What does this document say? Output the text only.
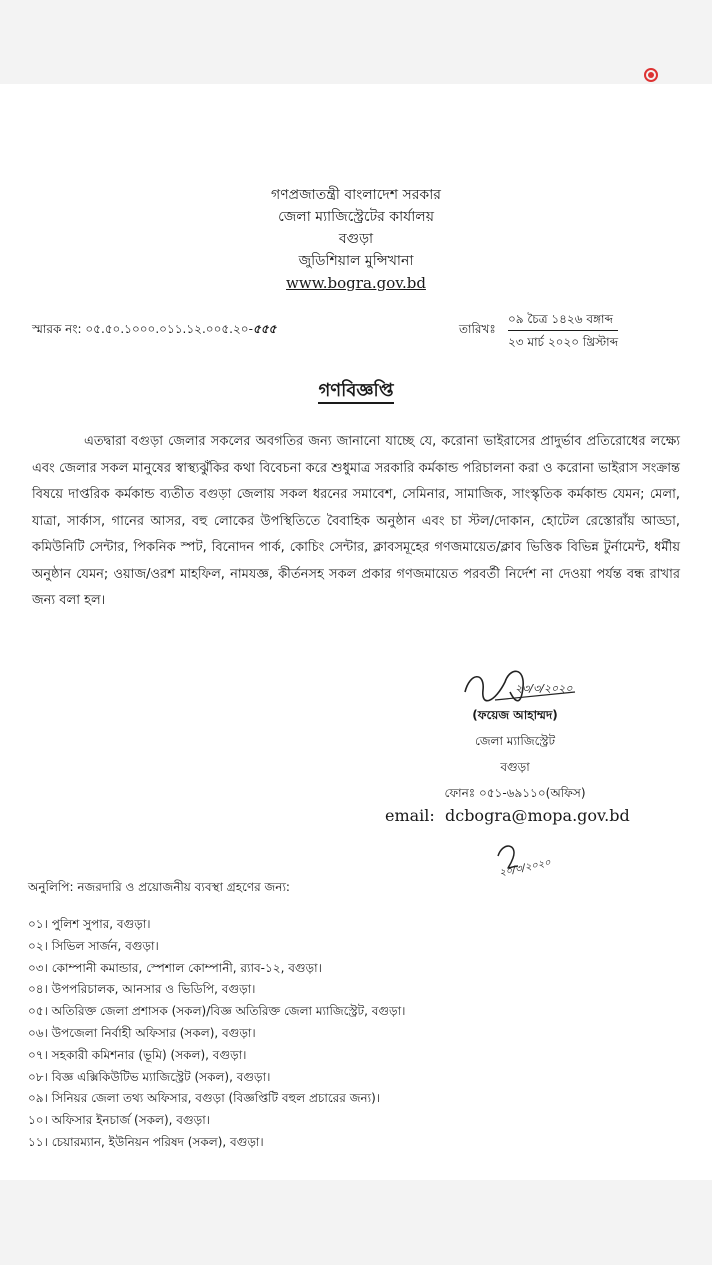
গণপ্রজাতন্ত্রী বাংলাদেশ সরকার
জেলা ম্যাজিস্ট্রেটের কার্যালয়
বগুড়া
জুডিশিয়াল মুন্সিখানা
www.bogra.gov.bd
স্মারক নং: ০৫.৫০.১০০০.০১১.১২.০০৫.২০-৫৫৫	তারিখঃ
০৯ চৈত্র ১৪২৬ বঙ্গাব্দ
২৩ মার্চ ২০২০ খ্রিস্টাব্দ
গণবিজ্ঞপ্তি
এতদ্বারা বগুড়া জেলার সকলের অবগতির জন্য জানানো যাচ্ছে যে, করোনা ভাইরাসের প্রাদুর্ভাব প্রতিরোধের লক্ষ্যে এবং জেলার সকল মানুষের স্বাস্থ্যঝুঁকির কথা বিবেচনা করে শুধুমাত্র সরকারি কর্মকান্ড পরিচালনা করা ও করোনা ভাইরাস সংক্রান্ত বিষয়ে দাপ্তরিক কর্মকান্ড ব্যতীত বগুড়া জেলায় সকল ধরনের সমাবেশ, সেমিনার, সামাজিক, সাংস্কৃতিক কর্মকান্ড যেমন; মেলা, যাত্রা, সার্কাস, গানের আসর, বহু লোকের উপস্থিতিতে বৈবাহিক অনুষ্ঠান এবং চা স্টল/দোকান, হোটেল রেস্তোরাঁয় আড্ডা, কমিউনিটি সেন্টার, পিকনিক স্পট, বিনোদন পার্ক, কোচিং সেন্টার, ক্লাবসমূহের গণজমায়েত/ক্লাব ভিত্তিক বিভিন্ন টুর্নামেন্ট, ধর্মীয় অনুষ্ঠান যেমন; ওয়াজ/ওরশ মাহফিল, নামযজ্ঞ, কীর্তনসহ সকল প্রকার গণজমায়েত পরবর্তী নির্দেশ না দেওয়া পর্যন্ত বন্ধ রাখার জন্য বলা হল।
২৩/৩/২০২০
(ফয়েজ আহাম্মদ)
জেলা ম্যাজিস্ট্রেট
বগুড়া
ফোনঃ ০৫১-৬৯১১০(অফিস)
email: dcbogra@mopa.gov.bd
২০/৩/২০২০
অনুলিপি: নজরদারি ও প্রয়োজনীয় ব্যবস্থা গ্রহণের জন্য:
০১। পুলিশ সুপার, বগুড়া।
০২। সিভিল সার্জন, বগুড়া।
০৩। কোম্পানী কমান্ডার, স্পেশাল কোম্পানী, র‍্যাব-১২, বগুড়া।
০৪। উপপরিচালক, আনসার ও ভিডিপি, বগুড়া।
০৫। অতিরিক্ত জেলা প্রশাসক (সকল)/বিজ্ঞ অতিরিক্ত জেলা ম্যাজিস্ট্রেট, বগুড়া।
০৬। উপজেলা নির্বাহী অফিসার (সকল), বগুড়া।
০৭। সহকারী কমিশনার (ভূমি) (সকল), বগুড়া।
০৮। বিজ্ঞ এক্সিকিউটিভ ম্যাজিস্ট্রেট (সকল), বগুড়া।
০৯। সিনিয়র জেলা তথ্য অফিসার, বগুড়া (বিজ্ঞপ্তিটি বহুল প্রচারের জন্য)।
১০। অফিসার ইনচার্জ (সকল), বগুড়া।
১১। চেয়ারম্যান, ইউনিয়ন পরিষদ (সকল), বগুড়া।
